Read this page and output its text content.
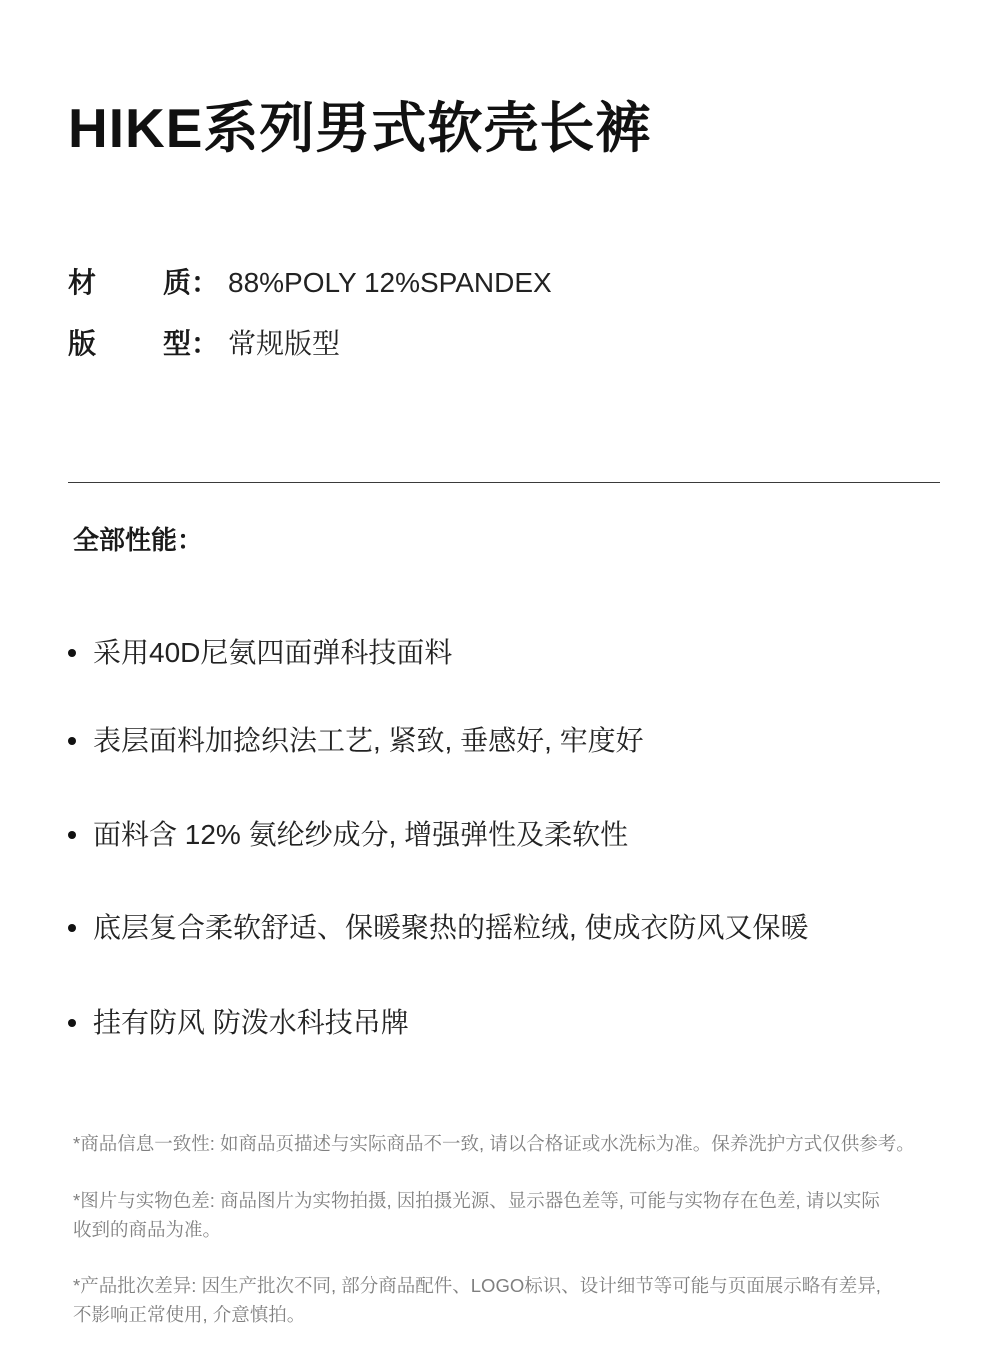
HIKE系列男式软壳长裤
材	质： 88%POLY 12%SPANDEX
版	型： 常规版型
全部性能：
采用40D尼氨四面弹科技面料
表层面料加捻织法工艺, 紧致, 垂感好, 牢度好
面料含 12% 氨纶纱成分, 增强弹性及柔软性
底层复合柔软舒适、保暖聚热的摇粒绒, 使成衣防风又保暖
挂有防风 防泼水科技吊牌
*商品信息一致性: 如商品页描述与实际商品不一致, 请以合格证或水洗标为准。保养洗护方式仅供参考。
*图片与实物色差: 商品图片为实物拍摄, 因拍摄光源、显示器色差等, 可能与实物存在色差, 请以实际
收到的商品为准。
*产品批次差异: 因生产批次不同, 部分商品配件、LOGO标识、设计细节等可能与页面展示略有差异,
不影响正常使用, 介意慎拍。
